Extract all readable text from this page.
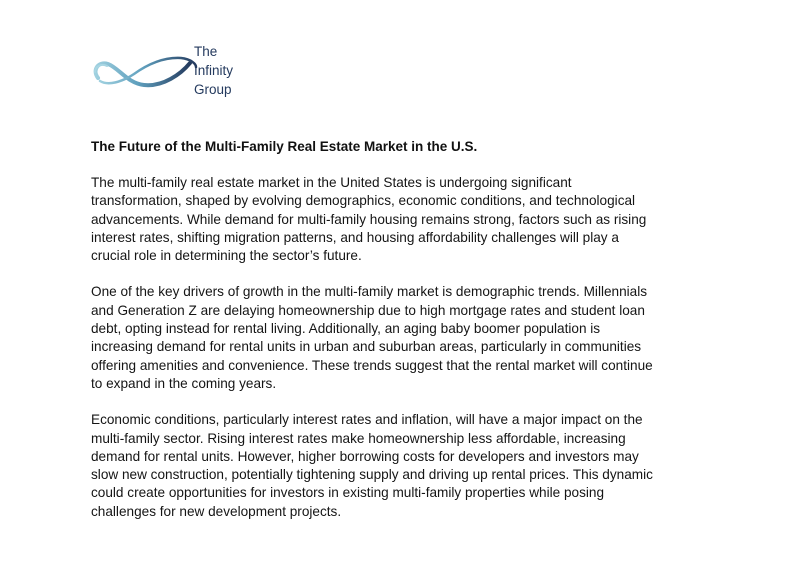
The
Infinity
Group
The Future of the Multi-Family Real Estate Market in the U.S.

The multi-family real estate market in the United States is undergoing significant
transformation, shaped by evolving demographics, economic conditions, and technological
advancements. While demand for multi-family housing remains strong, factors such as rising
interest rates, shifting migration patterns, and housing affordability challenges will play a
crucial role in determining the sector’s future.

One of the key drivers of growth in the multi-family market is demographic trends. Millennials
and Generation Z are delaying homeownership due to high mortgage rates and student loan
debt, opting instead for rental living. Additionally, an aging baby boomer population is
increasing demand for rental units in urban and suburban areas, particularly in communities
offering amenities and convenience. These trends suggest that the rental market will continue
to expand in the coming years.

Economic conditions, particularly interest rates and inflation, will have a major impact on the
multi-family sector. Rising interest rates make homeownership less affordable, increasing
demand for rental units. However, higher borrowing costs for developers and investors may
slow new construction, potentially tightening supply and driving up rental prices. This dynamic
could create opportunities for investors in existing multi-family properties while posing
challenges for new development projects.
